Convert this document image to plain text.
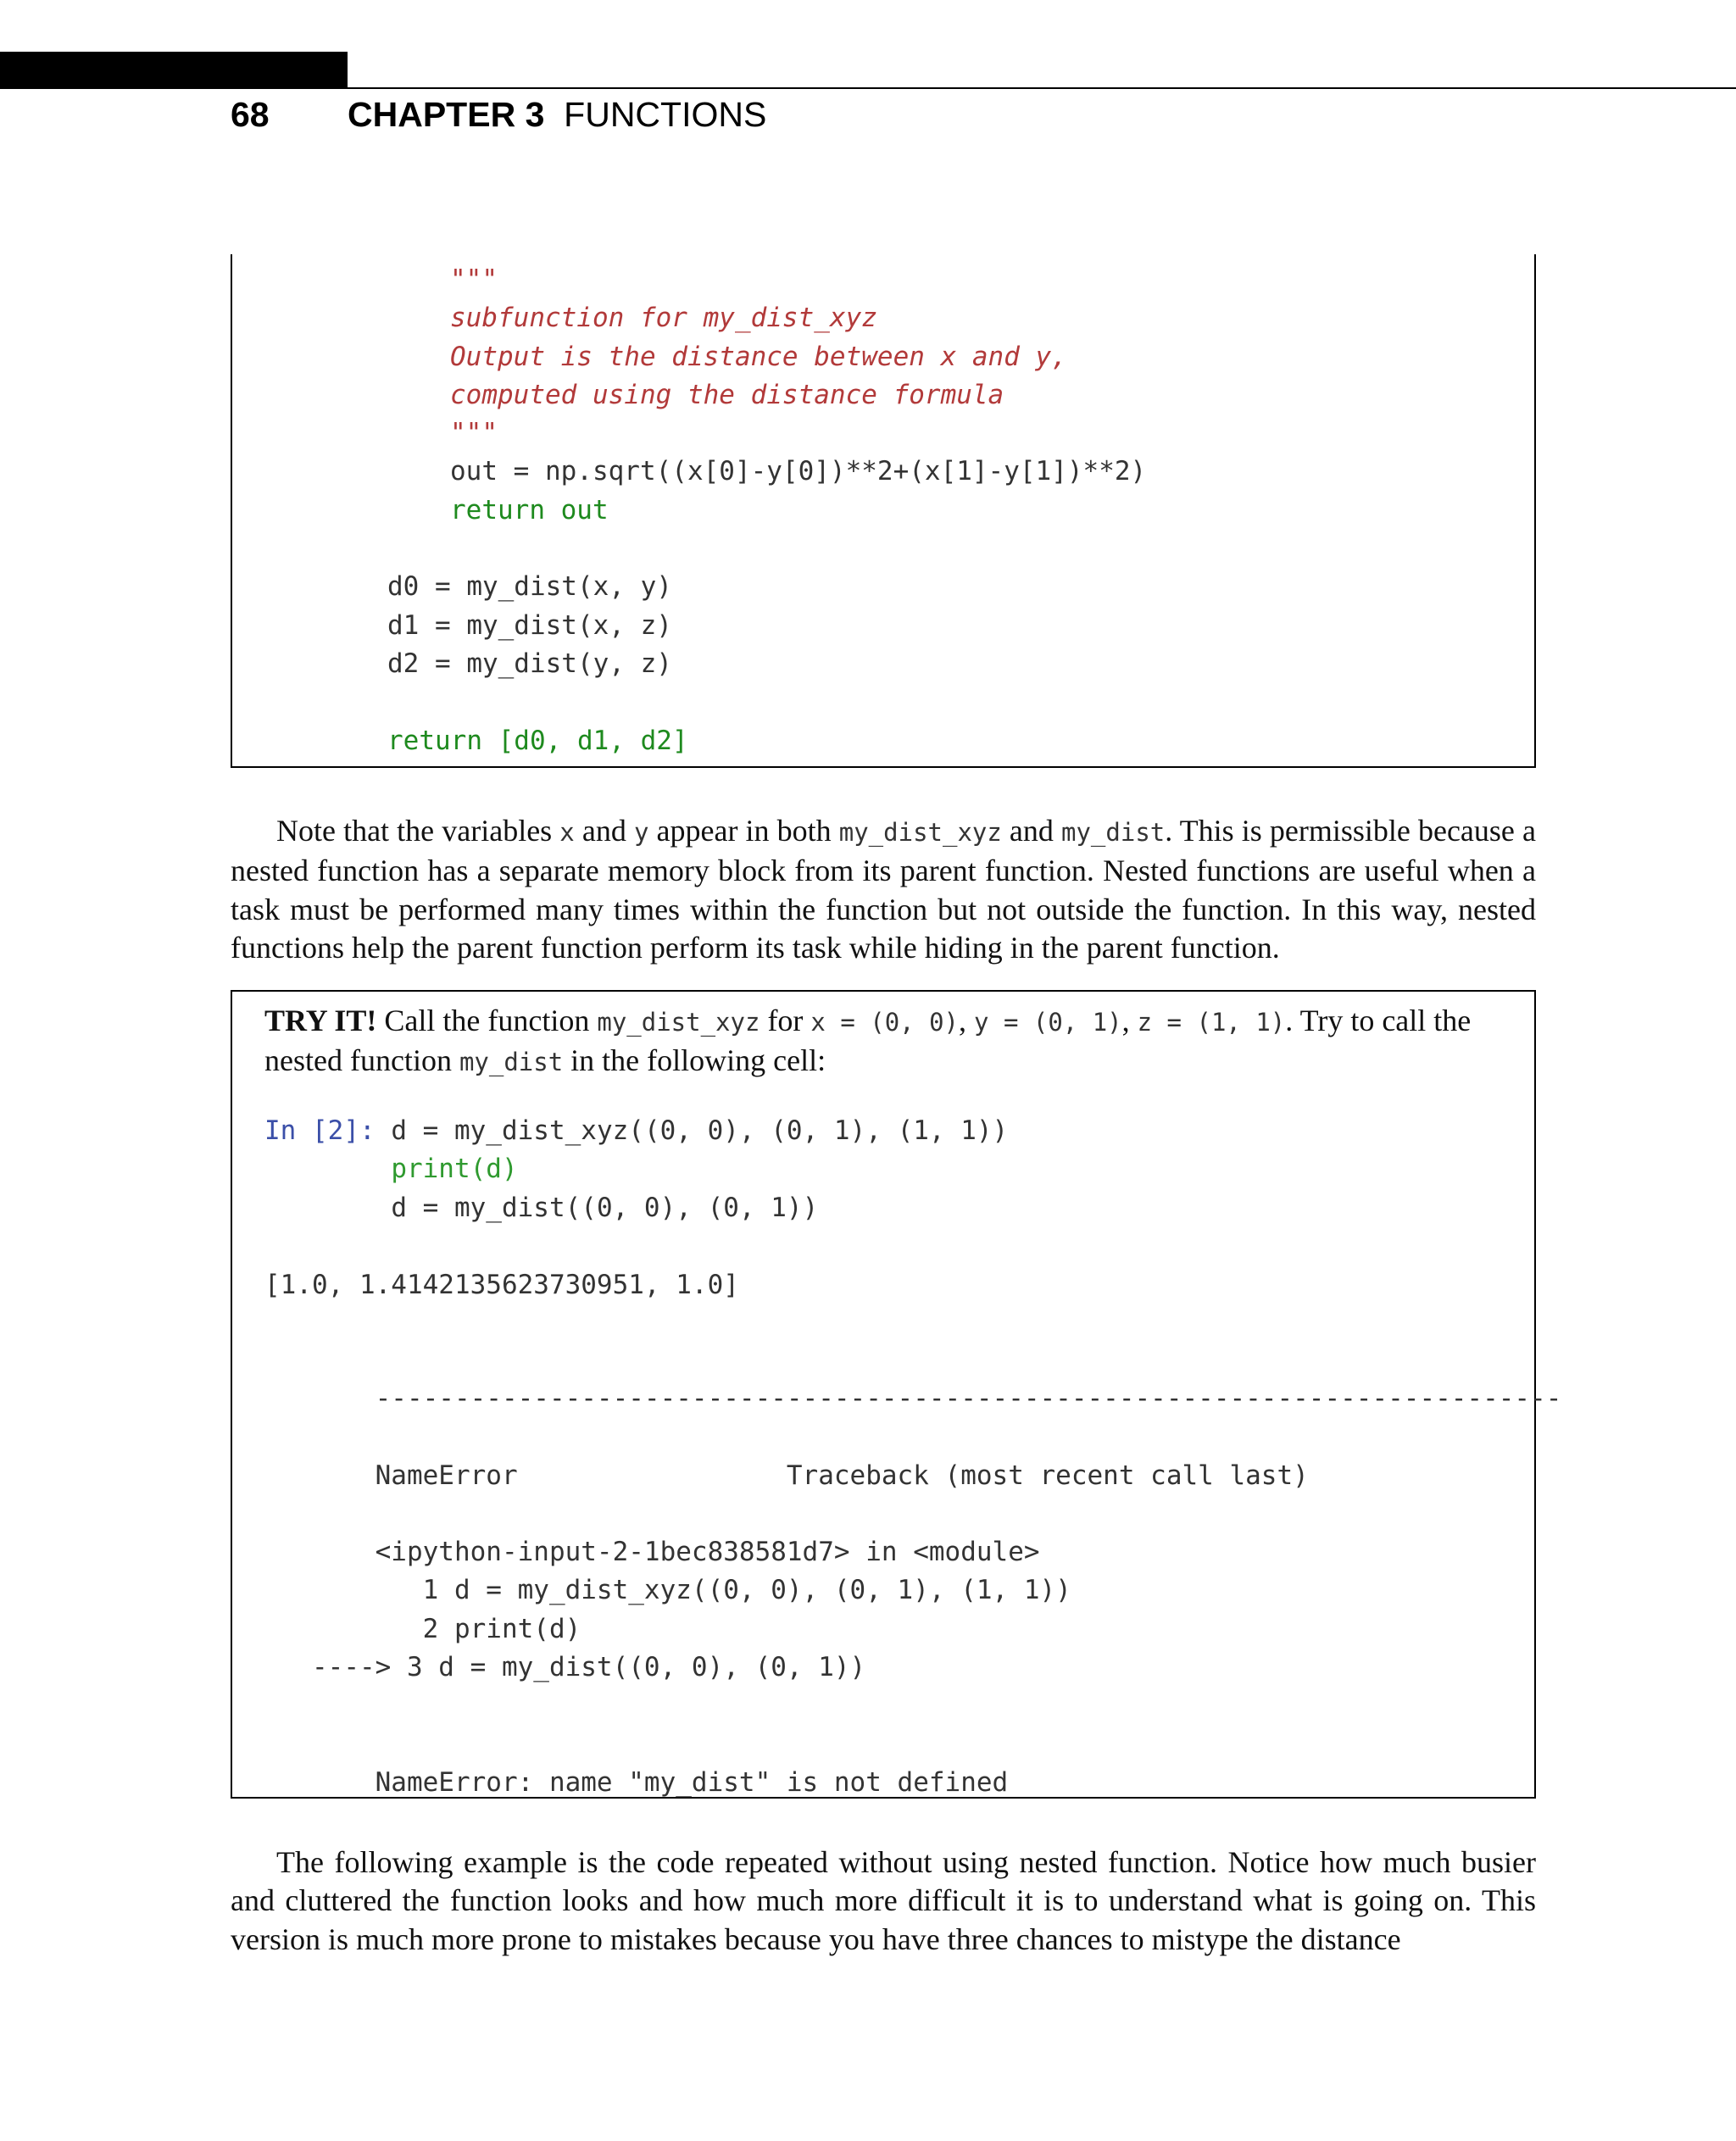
68 CHAPTER 3 FUNCTIONS
"""
subfunction for my_dist_xyz
Output is the distance between x and y,
computed using the distance formula
"""
out = np.sqrt((x[0]-y[0])**2+(x[1]-y[1])**2)
return out

d0 = my_dist(x, y)
d1 = my_dist(x, z)
d2 = my_dist(y, z)

return [d0, d1, d2]

Note that the variables x and y appear in both my_dist_xyz and my_dist. This is permissible because a nested function has a separate memory block from its parent function. Nested functions are useful when a task must be performed many times within the function but not outside the function. In this way, nested functions help the parent function perform its task while hiding in the parent function.

TRY IT! Call the function my_dist_xyz for x = (0, 0), y = (0, 1), z = (1, 1). Try to call the nested function my_dist in the following cell:

In [2]: d = my_dist_xyz((0, 0), (0, 1), (1, 1))
print(d)
d = my_dist((0, 0), (0, 1))
[1.0, 1.4142135623730951, 1.0]
---------------------------------------------------------------------------

NameError                 Traceback (most recent call last)

<ipython-input-2-1bec838581d7> in <module>
1 d = my_dist_xyz((0, 0), (0, 1), (1, 1))
2 print(d)
----> 3 d = my_dist((0, 0), (0, 1))

NameError: name "my_dist" is not defined

The following example is the code repeated without using nested function. Notice how much busier and cluttered the function looks and how much more difficult it is to understand what is going on. This version is much more prone to mistakes because you have three chances to mistype the distance
